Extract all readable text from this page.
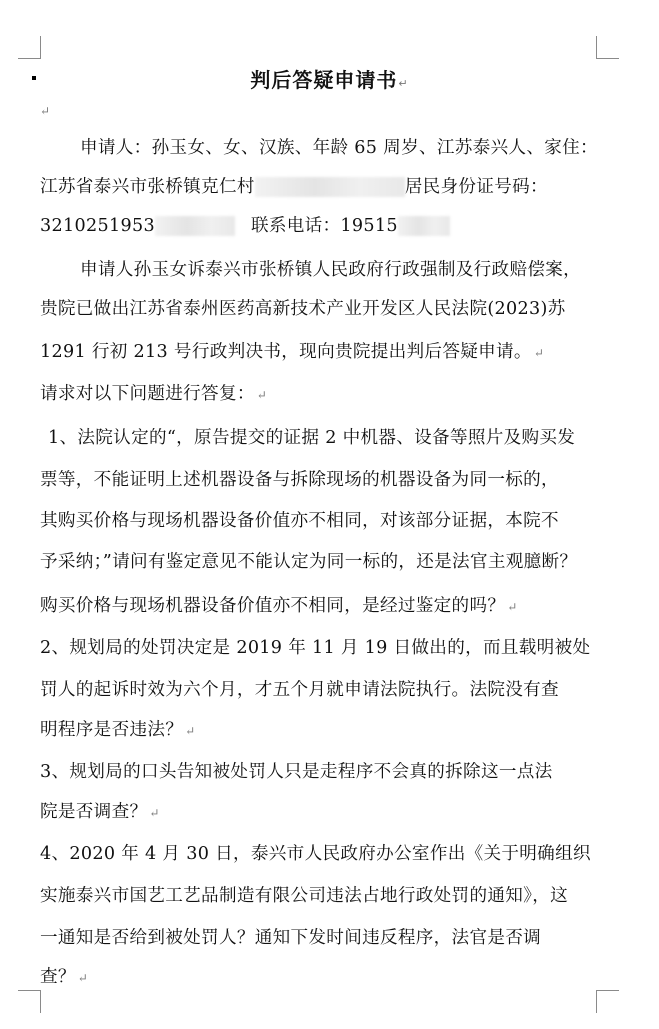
判后答疑申请书↵
↵
申请人：孙玉女、女、汉族、年龄 65 周岁、江苏泰兴人、家住：
江苏省泰兴市张桥镇克仁村	居民身份证号码：
3210251953	联系电话：19515
申请人孙玉女诉泰兴市张桥镇人民政府行政强制及行政赔偿案，
贵院已做出江苏省泰州医药高新技术产业开发区人民法院(2023)苏
1291 行初 213 号行政判决书，现向贵院提出判后答疑申请。 ↵
请求对以下问题进行答复： ↵
1、法院认定的“，原告提交的证据 2 中机器、设备等照片及购买发
票等，不能证明上述机器设备与拆除现场的机器设备为同一标的，
其购买价格与现场机器设备价值亦不相同，对该部分证据，本院不
予采纳；”请问有鉴定意见不能认定为同一标的，还是法官主观臆断？
购买价格与现场机器设备价值亦不相同，是经过鉴定的吗？ ↵
2、规划局的处罚决定是 2019 年 11 月 19 日做出的，而且载明被处
罚人的起诉时效为六个月，才五个月就申请法院执行。法院没有查
明程序是否违法？ ↵
3、规划局的口头告知被处罚人只是走程序不会真的拆除这一点法
院是否调查？ ↵
4、2020 年 4 月 30 日，泰兴市人民政府办公室作出《关于明确组织
实施泰兴市国艺工艺品制造有限公司违法占地行政处罚的通知》，这
一通知是否给到被处罚人？通知下发时间违反程序，法官是否调
查？ ↵
